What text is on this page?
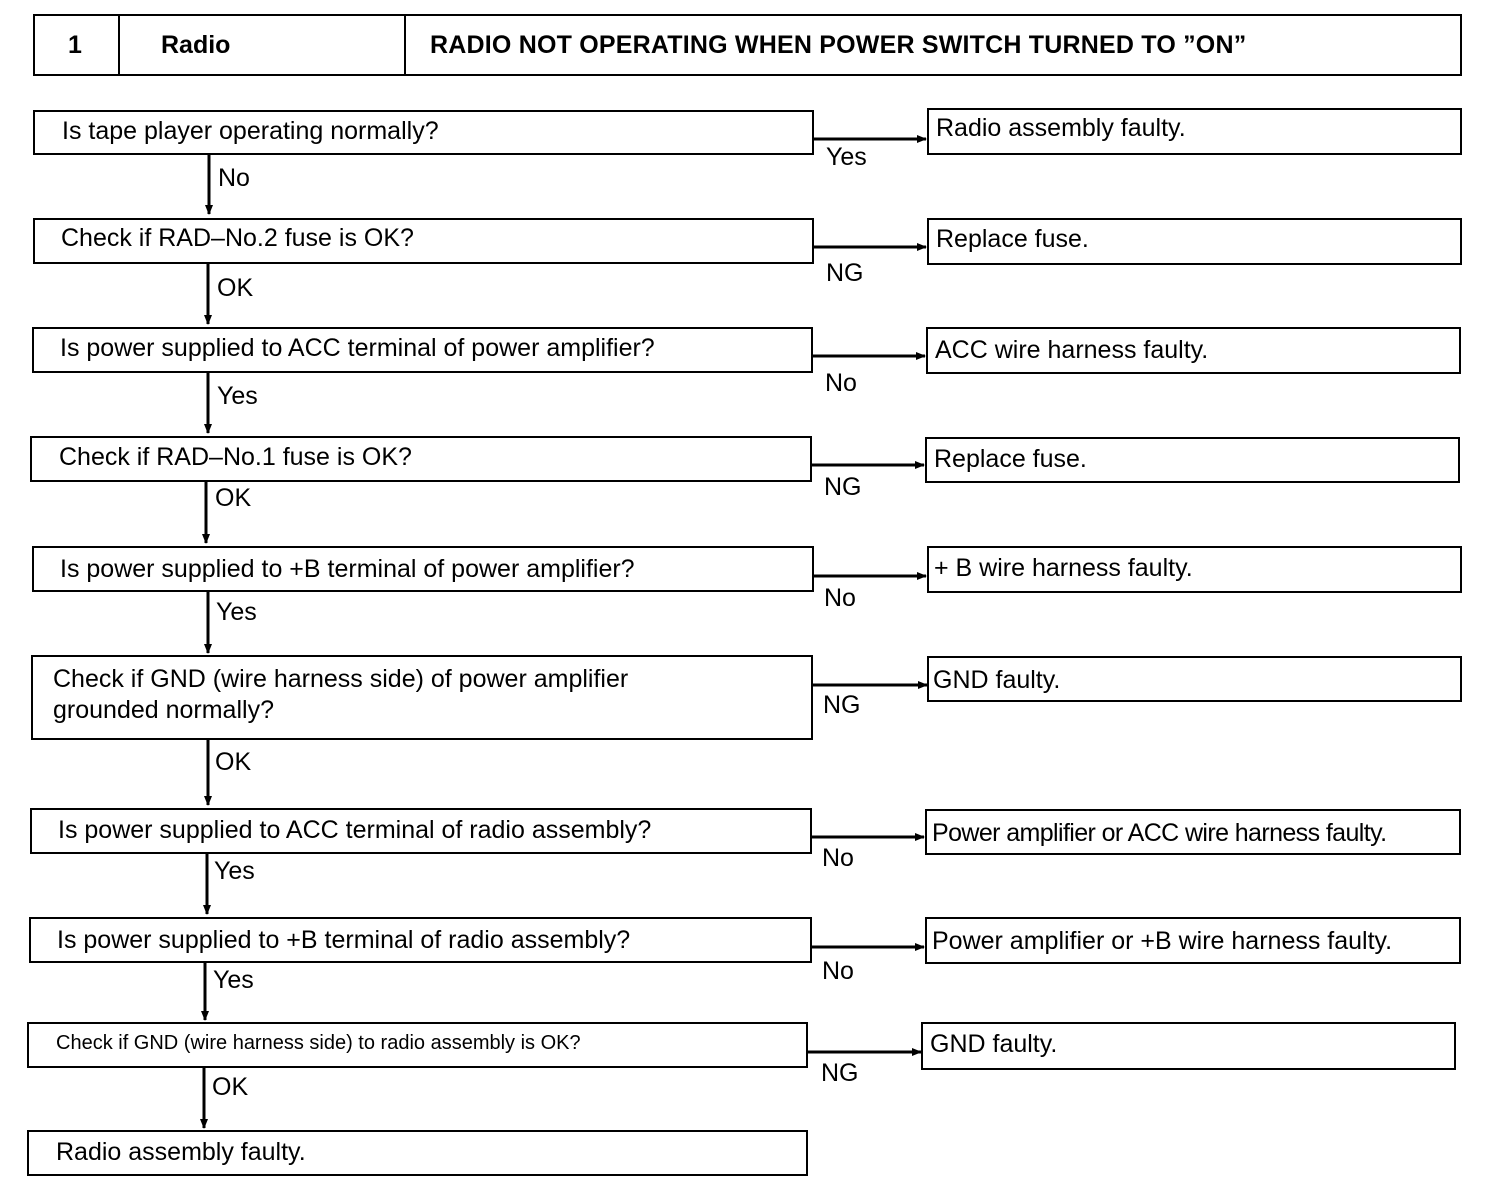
1	Radio	RADIO NOT OPERATING WHEN POWER SWITCH TURNED TO ”ON”
Is tape player operating normally?	Radio assembly faulty.
Yes
No
Check if RAD–No.2 fuse is OK?	Replace fuse.
NG
OK
Is power supplied to ACC terminal of power amplifier?	ACC wire harness faulty.
No
Yes
Check if RAD–No.1 fuse is OK?	Replace fuse.
NG
OK
Is power supplied to +B terminal of power amplifier?	+ B wire harness faulty.
No
Yes
Check if GND (wire harness side) of power amplifier
grounded normally?
GND faulty.
NG
OK
Is power supplied to ACC terminal of radio assembly?	Power amplifier or ACC wire harness faulty.
No
Yes
Is power supplied to +B terminal of radio assembly?	Power amplifier or +B wire harness faulty.
No
Yes
Check if GND (wire harness side) to radio assembly is OK?	GND faulty.
NG
OK
Radio assembly faulty.
